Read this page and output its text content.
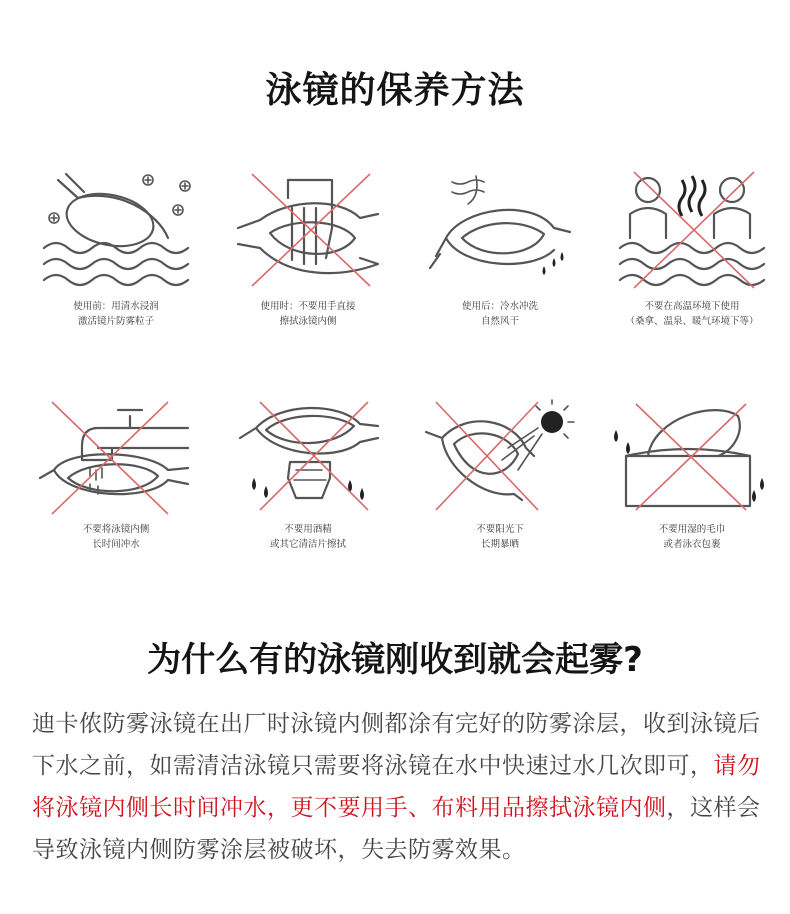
泳镜的保养方法
使用前：用清水浸润
激活镜片防雾粒子
使用时：不要用手直接
擦拭泳镜内侧
使用后：冷水冲洗
自然风干
不要在高温环境下使用
（桑拿、温泉、暖气环境下等）
不要将泳镜内侧
长时间冲水
不要用酒精
或其它清洁片擦拭
不要阳光下
长期暴晒
不要用湿的毛巾
或者泳衣包裹
为什么有的泳镜刚收到就会起雾?
迪卡侬防雾泳镜在出厂时泳镜内侧都涂有完好的防雾涂层，收到泳镜后下水之前，如需清洁泳镜只需要将泳镜在水中快速过水几次即可，请勿将泳镜内侧长时间冲水，更不要用手、布料用品擦拭泳镜内侧，这样会导致泳镜内侧防雾涂层被破坏，失去防雾效果。
